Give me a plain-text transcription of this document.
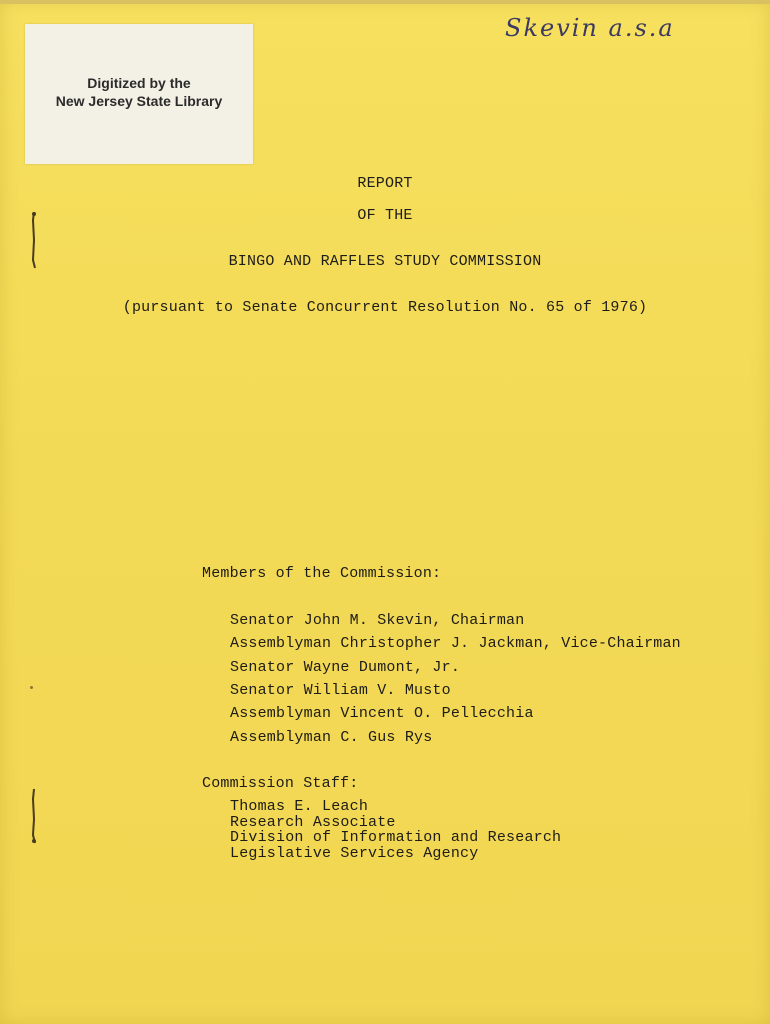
Digitized by the
New Jersey State Library
Skevin a.s.a
REPORT
OF THE
BINGO AND RAFFLES STUDY COMMISSION
(pursuant to Senate Concurrent Resolution No. 65 of 1976)
Members of the Commission:
Senator John M. Skevin, Chairman
Assemblyman Christopher J. Jackman, Vice-Chairman
Senator Wayne Dumont, Jr.
Senator William V. Musto
Assemblyman Vincent O. Pellecchia
Assemblyman C. Gus Rys
Commission Staff:
Thomas E. Leach
Research Associate
Division of Information and Research
Legislative Services Agency
